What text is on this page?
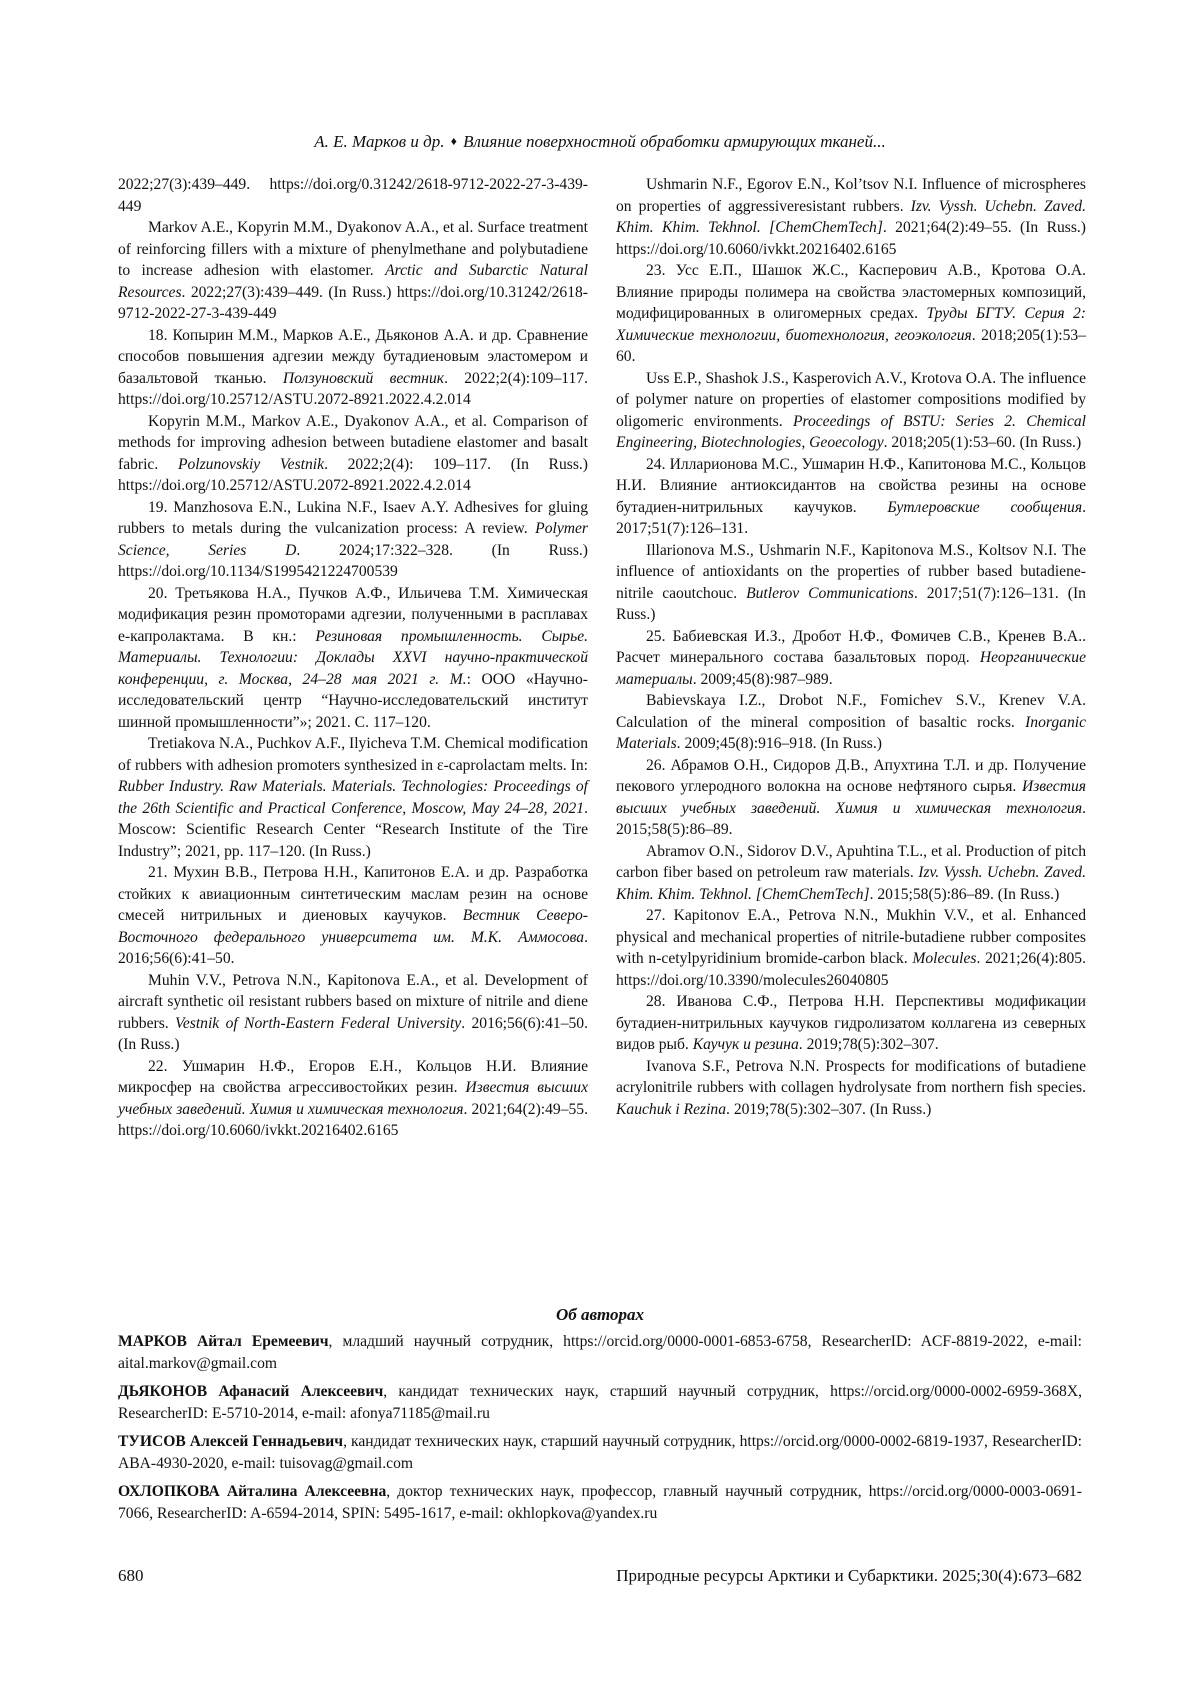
А. Е. Марков и др. ♦ Влияние поверхностной обработки армирующих тканей...

2022;27(3):439–449. https://doi.org/0.31242/2618-9712-2022-27-3-439-449

Markov A.E., Kopyrin M.M., Dyakonov A.A., et al. Surface treatment of reinforcing fillers with a mixture of phenylmethane and polybutadiene to increase adhesion with elastomer. Arctic and Subarctic Natural Resources. 2022;27(3):439–449. (In Russ.) https://doi.org/10.31242/2618-9712-2022-27-3-439-449

18. Копырин М.М., Марков А.Е., Дьяконов А.А. и др. Сравнение способов повышения адгезии между бутадиеновым эластомером и базальтовой тканью. Ползуновский вестник. 2022;2(4):109–117. https://doi.org/10.25712/ASTU.2072-8921.2022.4.2.014

Kopyrin M.M., Markov A.E., Dyakonov A.A., et al. Comparison of methods for improving adhesion between butadiene elastomer and basalt fabric. Polzunovskiy Vestnik. 2022;2(4): 109–117. (In Russ.) https://doi.org/10.25712/ASTU.2072-8921.2022.4.2.014

19. Manzhosova E.N., Lukina N.F., Isaev A.Y. Adhesives for gluing rubbers to metals during the vulcanization process: A review. Polymer Science, Series D. 2024;17:322–328. (In Russ.) https://doi.org/10.1134/S1995421224700539

20. Третьякова Н.А., Пучков А.Ф., Ильичева Т.М. Химическая модификация резин промоторами адгезии, полученными в расплавах e-капролактама. В кн.: Резиновая промышленность. Сырье. Материалы. Технологии: Доклады XXVI научно-практической конференции, г. Москва, 24–28 мая 2021 г. М.: ООО «Научно-исследовательский центр “Научно-исследовательский институт шинной промышленности”»; 2021. С. 117–120.

Tretiakova N.A., Puchkov A.F., Ilyicheva T.M. Chemical modification of rubbers with adhesion promoters synthesized in ε-caprolactam melts. In: Rubber Industry. Raw Materials. Materials. Technologies: Proceedings of the 26th Scientific and Practical Conference, Moscow, May 24–28, 2021. Moscow: Scientific Research Center “Research Institute of the Tire Industry”; 2021, pp. 117–120. (In Russ.)

21. Мухин В.В., Петрова Н.Н., Капитонов Е.А. и др. Разработка стойких к авиационным синтетическим маслам резин на основе смесей нитрильных и диеновых каучуков. Вестник Северо-Восточного федерального университета им. М.К. Аммосова. 2016;56(6):41–50.

Muhin V.V., Petrova N.N., Kapitonova E.A., et al. Development of aircraft synthetic oil resistant rubbers based on mixture of nitrile and diene rubbers. Vestnik of North-Eastern Federal University. 2016;56(6):41–50. (In Russ.)

22. Ушмарин Н.Ф., Егоров Е.Н., Кольцов Н.И. Влияние микросфер на свойства агрессивостойких резин. Известия высших учебных заведений. Химия и химическая технология. 2021;64(2):49–55. https://doi.org/10.6060/ivkkt.20216402.6165

Ushmarin N.F., Egorov E.N., Kol’tsov N.I. Influence of microspheres on properties of aggressiveresistant rubbers. Izv. Vyssh. Uchebn. Zaved. Khim. Khim. Tekhnol. [ChemChemTech]. 2021;64(2):49–55. (In Russ.) https://doi.org/10.6060/ivkkt.20216402.6165

23. Усс Е.П., Шашок Ж.С., Касперович А.В., Кротова О.А. Влияние природы полимера на свойства эластомерных композиций, модифицированных в олигомерных средах. Труды БГТУ. Серия 2: Химические технологии, биотехнология, геоэкология. 2018;205(1):53–60.

Uss E.P., Shashok J.S., Kasperovich A.V., Krotova O.A. The influence of polymer nature on properties of elastomer compositions modified by oligomeric environments. Proceedings of BSTU: Series 2. Chemical Engineering, Biotechnologies, Geoecology. 2018;205(1):53–60. (In Russ.)

24. Илларионова М.С., Ушмарин Н.Ф., Капитонова М.С., Кольцов Н.И. Влияние антиоксидантов на свойства резины на основе бутадиен-нитрильных каучуков. Бутлеровские сообщения. 2017;51(7):126–131.

Illarionova M.S., Ushmarin N.F., Kapitonova M.S., Koltsov N.I. The influence of antioxidants on the properties of rubber based butadiene-nitrile caoutchouc. Butlerov Communications. 2017;51(7):126–131. (In Russ.)

25. Бабиевская И.З., Дробот Н.Ф., Фомичев С.В., Кренев В.А.. Расчет минерального состава базальтовых пород. Неорганические материалы. 2009;45(8):987–989.

Babievskaya I.Z., Drobot N.F., Fomichev S.V., Krenev V.A. Calculation of the mineral composition of basaltic rocks. Inorganic Materials. 2009;45(8):916–918. (In Russ.)

26. Абрамов О.Н., Сидоров Д.В., Апухтина Т.Л. и др. Получение пекового углеродного волокна на основе нефтяного сырья. Известия высших учебных заведений. Химия и химическая технология. 2015;58(5):86–89.

Abramov O.N., Sidorov D.V., Apuhtina T.L., et al. Production of pitch carbon fiber based on petroleum raw materials. Izv. Vyssh. Uchebn. Zaved. Khim. Khim. Tekhnol. [ChemChemTech]. 2015;58(5):86–89. (In Russ.)

27. Kapitonov E.A., Petrova N.N., Mukhin V.V., et al. Enhanced physical and mechanical properties of nitrile-butadiene rubber composites with n-cetylpyridinium bromide-carbon black. Molecules. 2021;26(4):805. https://doi.org/10.3390/molecules26040805

28. Иванова С.Ф., Петрова Н.Н. Перспективы модификации бутадиен-нитрильных каучуков гидролизатом коллагена из северных видов рыб. Каучук и резина. 2019;78(5):302–307.

Ivanova S.F., Petrova N.N. Prospects for modifications of butadiene acrylonitrile rubbers with collagen hydrolysate from northern fish species. Kauchuk i Rezina. 2019;78(5):302–307. (In Russ.)

Об авторах

МАРКОВ Айтал Еремеевич, младший научный сотрудник, https://orcid.org/0000-0001-6853-6758, ResearcherID: ACF-8819-2022, e-mail: aital.markov@gmail.com

ДЬЯКОНОВ Афанасий Алексеевич, кандидат технических наук, старший научный сотрудник, https://orcid.org/0000-0002-6959-368X, ResearcherID: E-5710-2014, e-mail: afonya71185@mail.ru

ТУИСОВ Алексей Геннадьевич, кандидат технических наук, старший научный сотрудник, https://orcid.org/0000-0002-6819-1937, ResearcherID: ABA-4930-2020, e-mail: tuisovag@gmail.com

ОХЛОПКОВА Айталина Алексеевна, доктор технических наук, профессор, главный научный сотрудник, https://orcid.org/0000-0003-0691-7066, ResearcherID: A-6594-2014, SPIN: 5495-1617, e-mail: okhlopkova@yandex.ru

680	Природные ресурсы Арктики и Субарктики. 2025;30(4):673–682
